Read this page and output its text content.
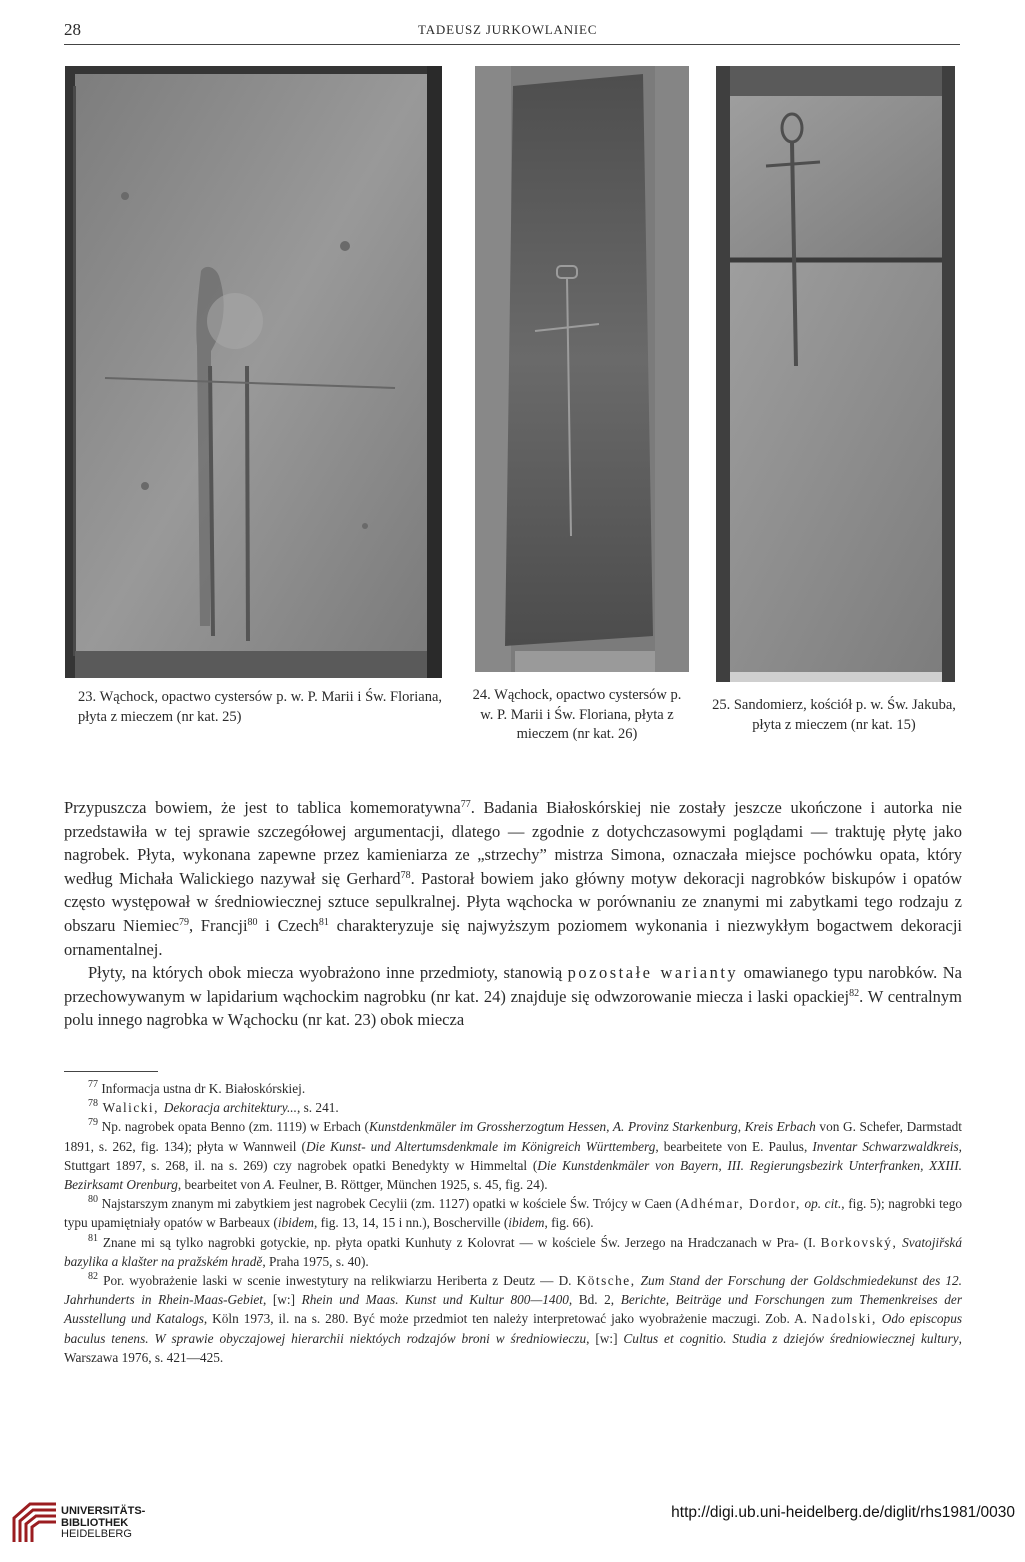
28	TADEUSZ JURKOWLANIEC
23. Wąchock, opactwo cystersów p. w. P. Marii i Św. Floriana, płyta z mieczem (nr kat. 25)
24. Wąchock, opactwo cystersów p. w. P. Marii i Św. Floriana, płyta z mieczem (nr kat. 26)
25. Sandomierz, kościół p. w. Św. Jakuba, płyta z mieczem (nr kat. 15)

Przypuszcza bowiem, że jest to tablica komemoratywna$^{77}$. Badania Białoskórskiej nie zostały jeszcze ukończone i autorka nie przedstawiła w tej sprawie szczegółowej argumentacji, dlatego — zgodnie z dotychczasowymi poglądami — traktuję płytę jako nagrobek. Płyta, wykonana zapewne przez kamieniarza ze „strzechy” mistrza Simona, oznaczała miejsce pochówku opata, który według Michała Walickiego nazywał się Gerhard$^{78}$. Pastorał bowiem jako główny motyw dekoracji nagrobków biskupów i opatów często występował w średniowiecznej sztuce sepulkralnej. Płyta wąchocka w porównaniu ze znanymi mi zabytkami tego rodzaju z obszaru Niemiec$^{79}$, Francji$^{80}$ i Czech$^{81}$ charakteryzuje się najwyższym poziomem wykonania i niezwykłym bogactwem dekoracji ornamentalnej.

Płyty, na których obok miecza wyobrażono inne przedmioty, stanowią pozostałe warianty omawianego typu narobków. Na przechowywanym w lapidarium wąchockim nagrobku (nr kat. 24) znajduje się odwzorowanie miecza i laski opackiej$^{82}$. W centralnym polu innego nagrobka w Wąchocku (nr kat. 23) obok miecza

$^{77}$ Informacja ustna dr K. Białoskórskiej.

$^{78}$ Walicki, Dekoracja architektury..., s. 241.

$^{79}$ Np. nagrobek opata Benno (zm. 1119) w Erbach (Kunstdenkmäler im Grossherzogtum Hessen, A. Provinz Starkenburg, Kreis Erbach von G. Schefer, Darmstadt 1891, s. 262, fig. 134); płyta w Wannweil (Die Kunst- und Altertumsdenkmale im Königreich Württemberg, bearbeitete von E. Paulus, Inventar Schwarzwaldkreis, Stuttgart 1897, s. 268, il. na s. 269) czy nagrobek opatki Benedykty w Himmeltal (Die Kunstdenkmäler von Bayern, III. Regierungsbezirk Unterfranken, XXIII. Bezirksamt Orenburg, bearbeitet von A. Feulner, B. Röttger, München 1925, s. 45, fig. 24).

$^{80}$ Najstarszym znanym mi zabytkiem jest nagrobek Cecylii (zm. 1127) opatki w kościele Św. Trójcy w Caen (Adhémar, Dordor, op. cit., fig. 5); nagrobki tego typu upamiętniały opatów w Barbeaux (ibidem, fig. 13, 14, 15 i nn.), Boscherville (ibidem, fig. 66).

$^{81}$ Znane mi są tylko nagrobki gotyckie, np. płyta opatki Kunhuty z Kolovrat — w kościele Św. Jerzego na Hradczanach w Pra- (I. Borkovský, Svatojiřská bazylika a klašter na pražském hradě, Praha 1975, s. 40).

$^{82}$ Por. wyobrażenie laski w scenie inwestytury na relikwiarzu Heriberta z Deutz — D. Kötsche, Zum Stand der Forschung der Goldschmiedekunst des 12. Jahrhunderts in Rhein-Maas-Gebiet, [w:] Rhein und Maas. Kunst und Kultur 800—1400, Bd. 2, Berichte, Beiträge und Forschungen zum Themenkreises der Ausstellung und Katalogs, Köln 1973, il. na s. 280. Być może przedmiot ten należy interpretować jako wyobrażenie maczugi. Zob. A. Nadolski, Odo episcopus baculus tenens. W sprawie obyczajowej hierarchii niektóych rodzajów broni w średniowieczu, [w:] Cultus et cognitio. Studia z dziejów średniowiecznej kultury, Warszawa 1976, s. 421—425.

UNIVERSITÄTS-
BIBLIOTHEK
HEIDELBERG
http://digi.ub.uni-heidelberg.de/diglit/rhs1981/0030
